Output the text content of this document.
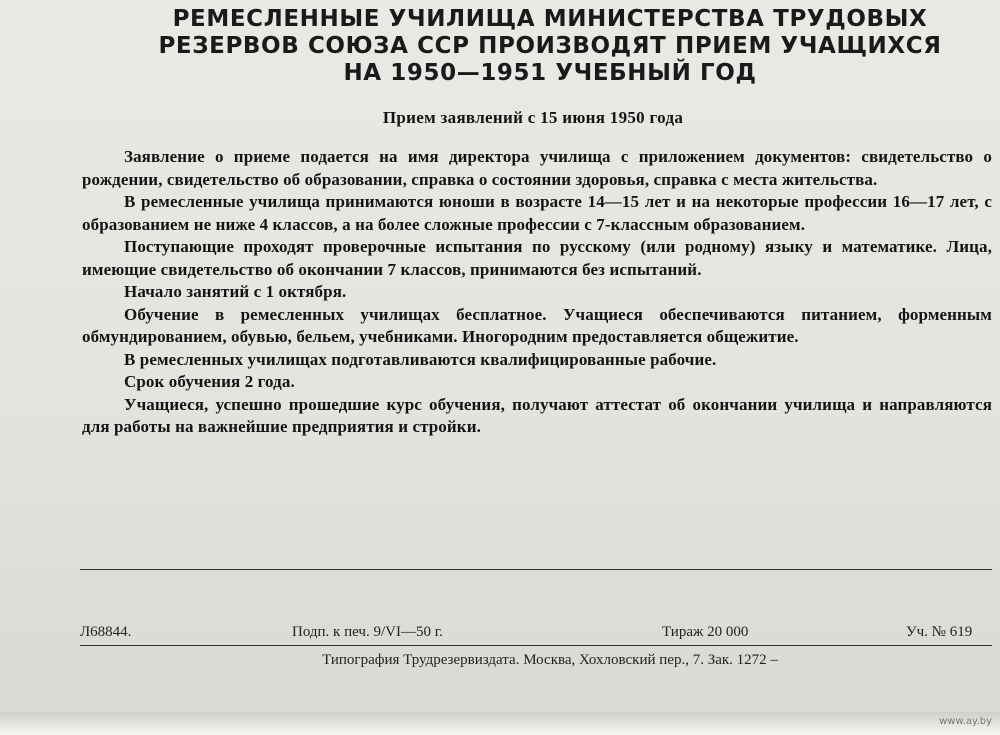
РЕМЕСЛЕННЫЕ УЧИЛИЩА МИНИСТЕРСТВА ТРУДОВЫХ
РЕЗЕРВОВ СОЮЗА ССР ПРОИЗВОДЯТ ПРИЕМ УЧАЩИХСЯ
НА 1950—1951 УЧЕБНЫЙ ГОД
Прием заявлений с 15 июня 1950 года

Заявление о приеме подается на имя директора училища с приложением документов: свидетельство о рождении, свидетельство об образовании, справка о состоянии здоровья, справка с места жительства.

В ремесленные училища принимаются юноши в возрасте 14—15 лет и на некоторые профессии 16—17 лет, с образованием не ниже 4 классов, а на более сложные профессии с 7-классным образованием.

Поступающие проходят проверочные испытания по русскому (или родному) языку и математике. Лица, имеющие свидетельство об окончании 7 классов, принимаются без испытаний.

Начало занятий с 1 октября.

Обучение в ремесленных училищах бесплатное. Учащиеся обеспечиваются питанием, форменным обмундированием, обувью, бельем, учебниками. Иногородним предоставляется общежитие.

В ремесленных училищах подготавливаются квалифицированные рабочие.

Срок обучения 2 года.

Учащиеся, успешно прошедшие курс обучения, получают аттестат об окончании училища и направляются для работы на важнейшие предприятия и стройки.

Л68844.	Подп. к печ. 9/VI—50 г.	Тираж 20 000	Уч. № 619
Типография Трудрезервиздата. Москва, Хохловский пер., 7. Зак. 1272 –
www.ay.by
